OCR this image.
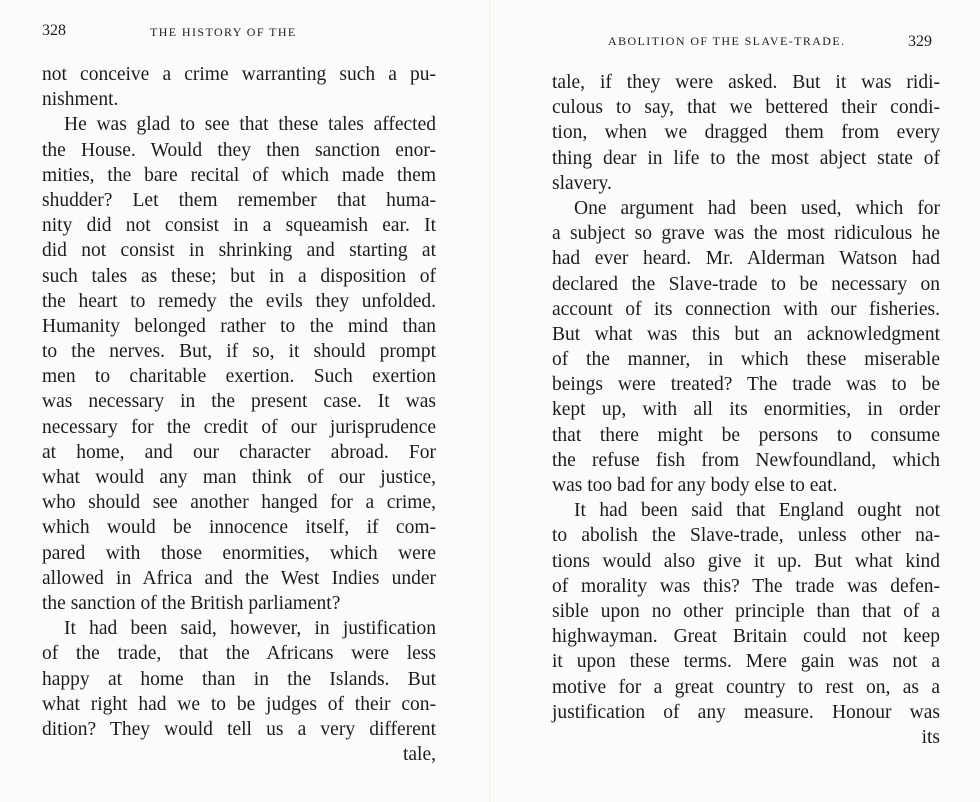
328	THE HISTORY OF THE
not conceive a crime warranting such a pu-
nishment.
He was glad to see that these tales affected
the House. Would they then sanction enor-
mities, the bare recital of which made them
shudder? Let them remember that huma-
nity did not consist in a squeamish ear. It
did not consist in shrinking and starting at
such tales as these; but in a disposition of
the heart to remedy the evils they unfolded.
Humanity belonged rather to the mind than
to the nerves. But, if so, it should prompt
men to charitable exertion. Such exertion
was necessary in the present case. It was
necessary for the credit of our jurisprudence
at home, and our character abroad. For
what would any man think of our justice,
who should see another hanged for a crime,
which would be innocence itself, if com-
pared with those enormities, which were
allowed in Africa and the West Indies under
the sanction of the British parliament?
It had been said, however, in justification
of the trade, that the Africans were less
happy at home than in the Islands. But
what right had we to be judges of their con-
dition? They would tell us a very different
tale,
ABOLITION OF THE SLAVE-TRADE.	329
tale, if they were asked. But it was ridi-
culous to say, that we bettered their condi-
tion, when we dragged them from every
thing dear in life to the most abject state of
slavery.
One argument had been used, which for
a subject so grave was the most ridiculous he
had ever heard. Mr. Alderman Watson had
declared the Slave-trade to be necessary on
account of its connection with our fisheries.
But what was this but an acknowledgment
of the manner, in which these miserable
beings were treated? The trade was to be
kept up, with all its enormities, in order
that there might be persons to consume
the refuse fish from Newfoundland, which
was too bad for any body else to eat.
It had been said that England ought not
to abolish the Slave-trade, unless other na-
tions would also give it up. But what kind
of morality was this? The trade was defen-
sible upon no other principle than that of a
highwayman. Great Britain could not keep
it upon these terms. Mere gain was not a
motive for a great country to rest on, as a
justification of any measure. Honour was
its
